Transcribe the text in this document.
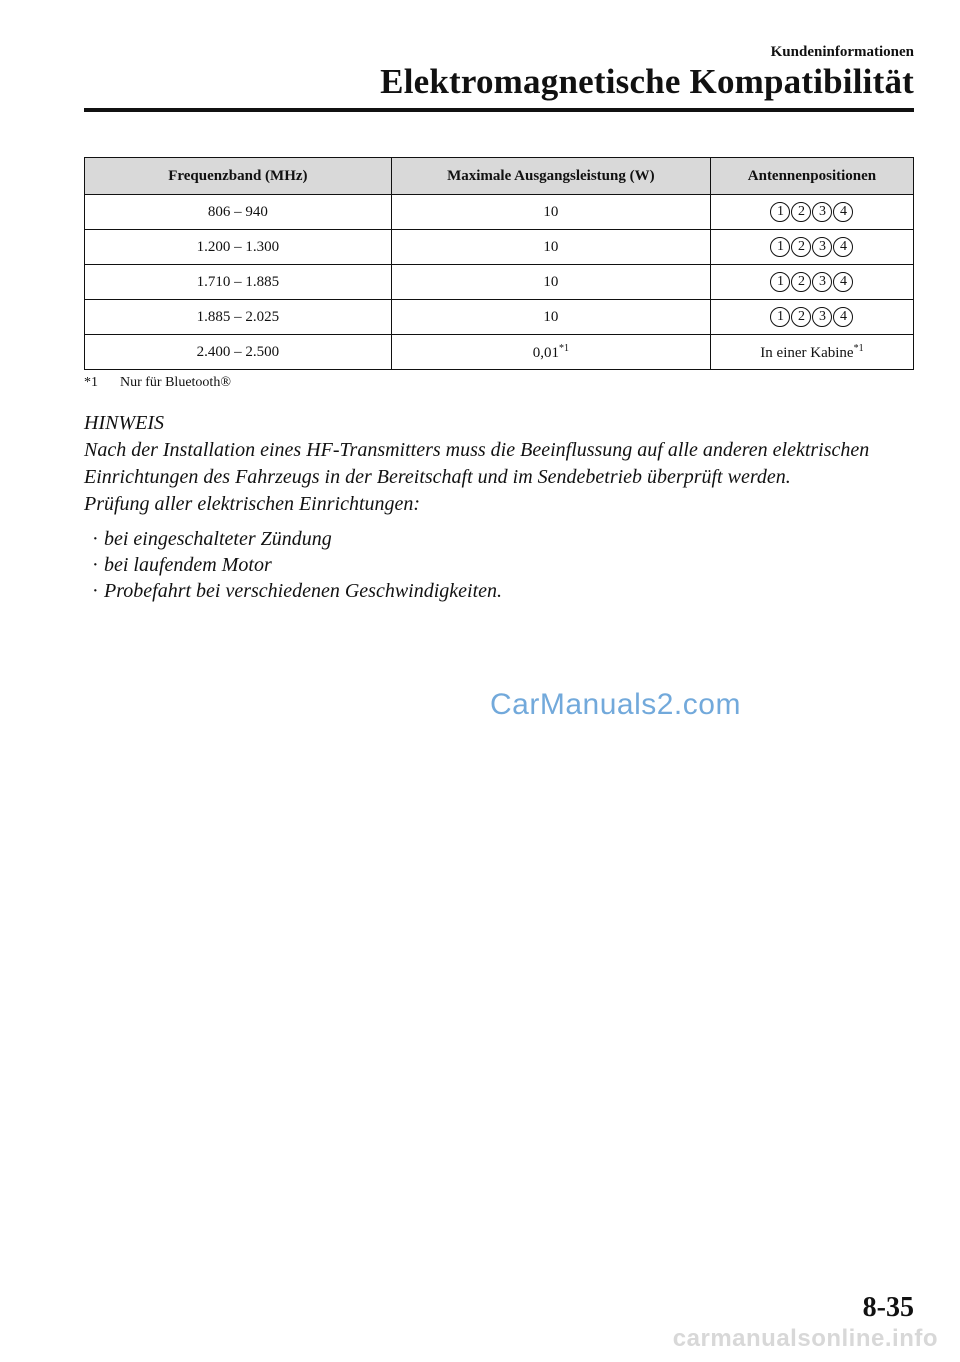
Kundeninformationen
Elektromagnetische Kompatibilität
Frequenzband (MHz)	Maximale Ausgangsleistung (W)	Antennenpositionen
806 – 940	10	1 2 3 4

1.200 – 1.300	10	1 2 3 4

1.710 – 1.885	10	1 2 3 4

1.885 – 2.025	10	1 2 3 4

2.400 – 2.500	0,01$^{*1}$	In einer Kabine$^{*1}$
*1 Nur für Bluetooth®

HINWEIS

Nach der Installation eines HF-Transmitters muss die Beeinflussung auf alle anderen elektrischen Einrichtungen des Fahrzeugs in der Bereitschaft und im Sendebetrieb überprüft werden.

Prüfung aller elektrischen Einrichtungen:

· bei eingeschalteter Zündung
· bei laufendem Motor
· Probefahrt bei verschiedenen Geschwindigkeiten.
CarManuals2.com
8-35
carmanualsonline.info
